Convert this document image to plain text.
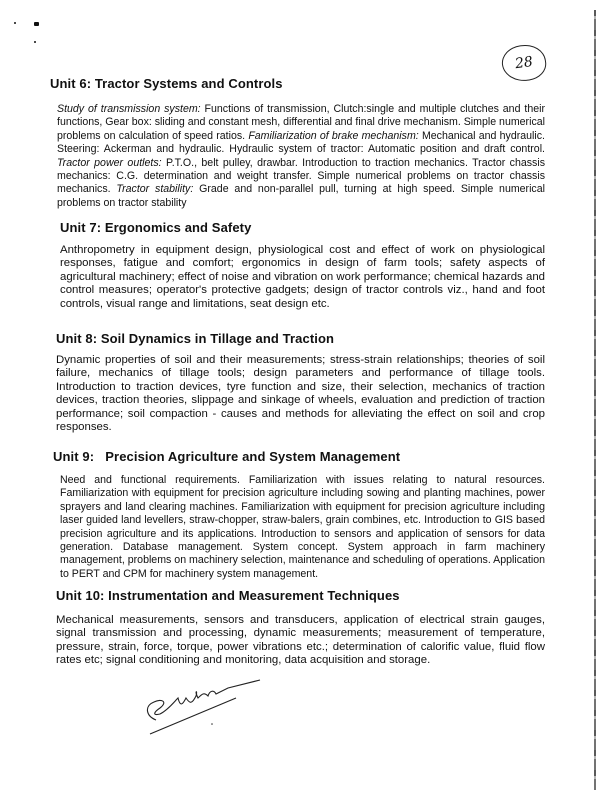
28
Unit 6: Tractor Systems and Controls

Study of transmission system: Functions of transmission, Clutch:single and multiple clutches and their functions, Gear box: sliding and constant mesh, differential and final drive mechanism. Simple numerical problems on calculation of speed ratios. Familiarization of brake mechanism: Mechanical and hydraulic. Steering: Ackerman and hydraulic. Hydraulic system of tractor: Automatic position and draft control. Tractor power outlets: P.T.O., belt pulley, drawbar. Introduction to traction mechanics. Tractor chassis mechanics: C.G. determination and weight transfer. Simple numerical problems on tractor chassis mechanics. Tractor stability: Grade and non-parallel pull, turning at high speed. Simple numerical problems on tractor stability

Unit 7: Ergonomics and Safety

Anthropometry in equipment design, physiological cost and effect of work on physiological responses, fatigue and comfort; ergonomics in design of farm tools; safety aspects of agricultural machinery; effect of noise and vibration on work performance; chemical hazards and control measures; operator's protective gadgets; design of tractor controls viz., hand and foot controls, visual range and limitations, seat design etc.

Unit 8: Soil Dynamics in Tillage and Traction

Dynamic properties of soil and their measurements; stress-strain relationships; theories of soil failure, mechanics of tillage tools; design parameters and performance of tillage tools. Introduction to traction devices, tyre function and size, their selection, mechanics of traction devices, traction theories, slippage and sinkage of wheels, evaluation and prediction of traction performance; soil compaction - causes and methods for alleviating the effect on soil and crop responses.

Unit 9:   Precision Agriculture and System Management

Need and functional requirements. Familiarization with issues relating to natural resources. Familiarization with equipment for precision agriculture including sowing and planting machines, power sprayers and land clearing machines. Familiarization with equipment for precision agriculture including laser guided land levellers, straw-chopper, straw-balers, grain combines, etc. Introduction to GIS based precision agriculture and its applications. Introduction to sensors and application of sensors for data generation. Database management. System concept. System approach in farm machinery management, problems on machinery selection, maintenance and scheduling of operations. Application to PERT and CPM for machinery system management.

Unit 10: Instrumentation and Measurement Techniques

Mechanical measurements, sensors and transducers, application of electrical strain gauges, signal transmission and processing, dynamic measurements; measurement of temperature, pressure, strain, force, torque, power vibrations etc.; determination of calorific value, fluid flow rates etc; signal conditioning and monitoring, data acquisition and storage.
